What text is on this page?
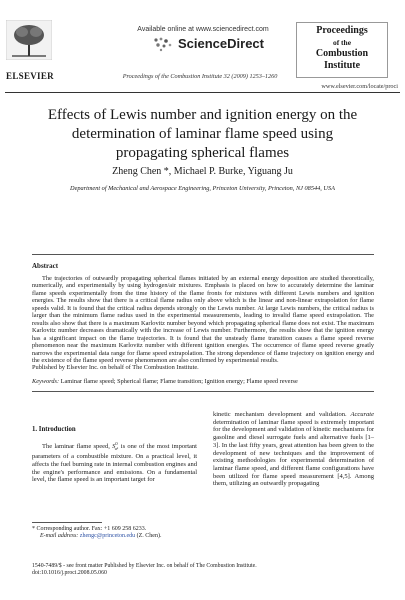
ELSEVIER
Available online at www.sciencedirect.com
ScienceDirect
Proceedings of the Combustion Institute 32 (2009) 1253–1260
Proceedings
of the
Combustion
Institute
www.elsevier.com/locate/proci
Effects of Lewis number and ignition energy on the determination of laminar flame speed using propagating spherical flames
Zheng Chen *, Michael P. Burke, Yiguang Ju
Department of Mechanical and Aerospace Engineering, Princeton University, Princeton, NJ 08544, USA
Abstract
The trajectories of outwardly propagating spherical flames initiated by an external energy deposition are studied theoretically, numerically, and experimentally by using hydrogen/air mixtures. Emphasis is placed on how to accurately determine the laminar flame speeds experimentally from the time history of the flame fronts for mixtures with different Lewis numbers and ignition energies. The results show that there is a critical flame radius only above which is the linear and non-linear extrapolation for flame speeds valid. It is found that the critical radius depends strongly on the Lewis number. At large Lewis numbers, the critical radius is larger than the minimum flame radius used in the experimental measurements, leading to invalid flame speed extrapolation. The results also show that there is a maximum Karlovitz number beyond which propagating spherical flame does not exist. The maximum Karlovitz number decreases dramatically with the increase of Lewis number. Furthermore, the results show that the ignition energy has a significant impact on the flame trajectories. It is found that the unsteady flame transition causes a flame speed reverse phenomenon near the maximum Karlovitz number with different ignition energies. The occurrence of flame speed reverse greatly narrows the experimental data range for flame speed extrapolation. The strong dependence of flame trajectory on ignition energy and the existence of the flame speed reverse phenomenon are also confirmed by experimental results.
Published by Elsevier Inc. on behalf of The Combustion Institute.
Keywords: Laminar flame speed; Spherical flame; Flame transition; Ignition energy; Flame speed reverse
1. Introduction
The laminar flame speed, $S^0_u$, is one of the most important parameters of a combustible mixture. On a practical level, it affects the fuel burning rate in internal combustion engines and the engine's performance and emissions. On a fundamental level, the flame speed is an important target for
kinetic mechanism development and validation. Accurate determination of laminar flame speed is extremely important for the development and validation of kinetic mechanisms for gasoline and diesel surrogate fuels and alternative fuels [1–3]. In the last fifty years, great attention has been given to the development of new techniques and the improvement of existing methodologies for experimental determination of laminar flame speed, and different flame configurations have been utilized for flame speed measurement [4,5]. Among them, utilizing an outwardly propagating
* Corresponding author. Fax: +1 609 258 6233.
E-mail address: zhengc@princeton.edu (Z. Chen).
1540-7489/$ - see front matter Published by Elsevier Inc. on behalf of The Combustion Institute.
doi:10.1016/j.proci.2008.05.060
